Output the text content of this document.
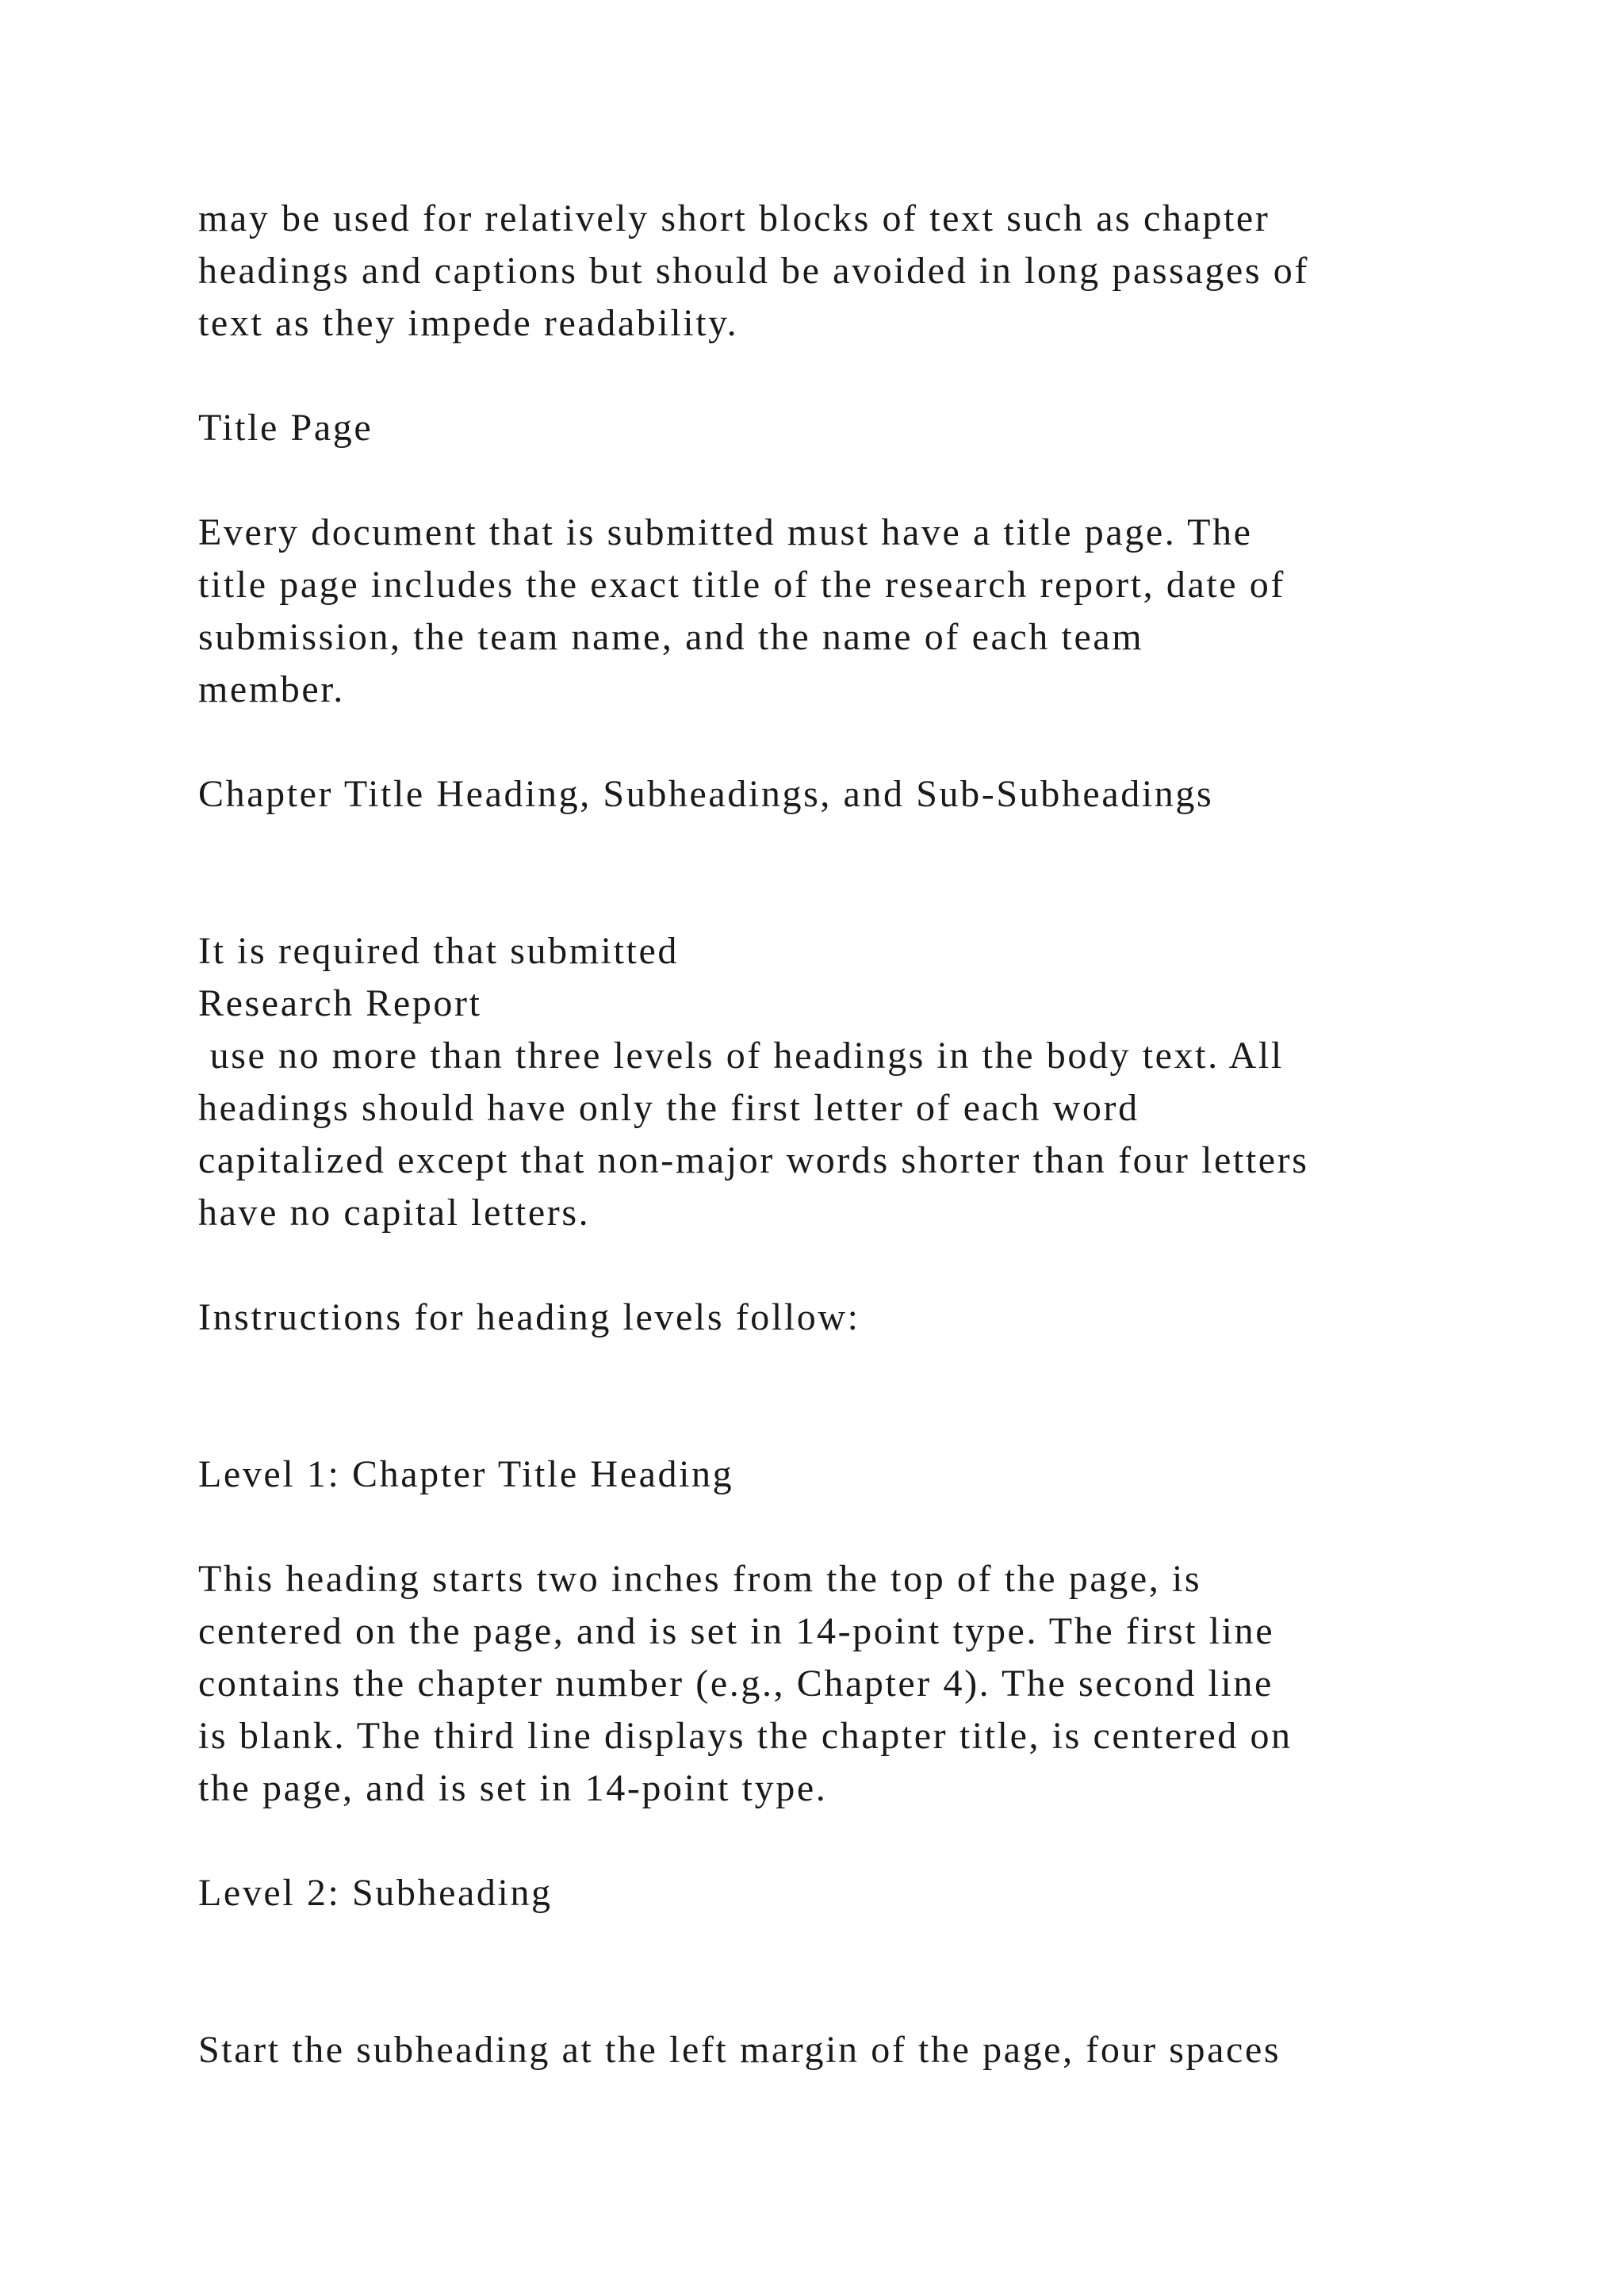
may be used for relatively short blocks of text such as chapter

headings and captions but should be avoided in long passages of

text as they impede readability.

Title Page

Every document that is submitted must have a title page. The

title page includes the exact title of the research report, date of

submission, the team name, and the name of each team

member.

Chapter Title Heading, Subheadings, and Sub-Subheadings

It is required that submitted

Research Report

use no more than three levels of headings in the body text. All

headings should have only the first letter of each word

capitalized except that non-major words shorter than four letters

have no capital letters.

Instructions for heading levels follow:

Level 1: Chapter Title Heading

This heading starts two inches from the top of the page, is

centered on the page, and is set in 14-point type. The first line

contains the chapter number (e.g., Chapter 4). The second line

is blank. The third line displays the chapter title, is centered on

the page, and is set in 14-point type.

Level 2: Subheading

Start the subheading at the left margin of the page, four spaces
